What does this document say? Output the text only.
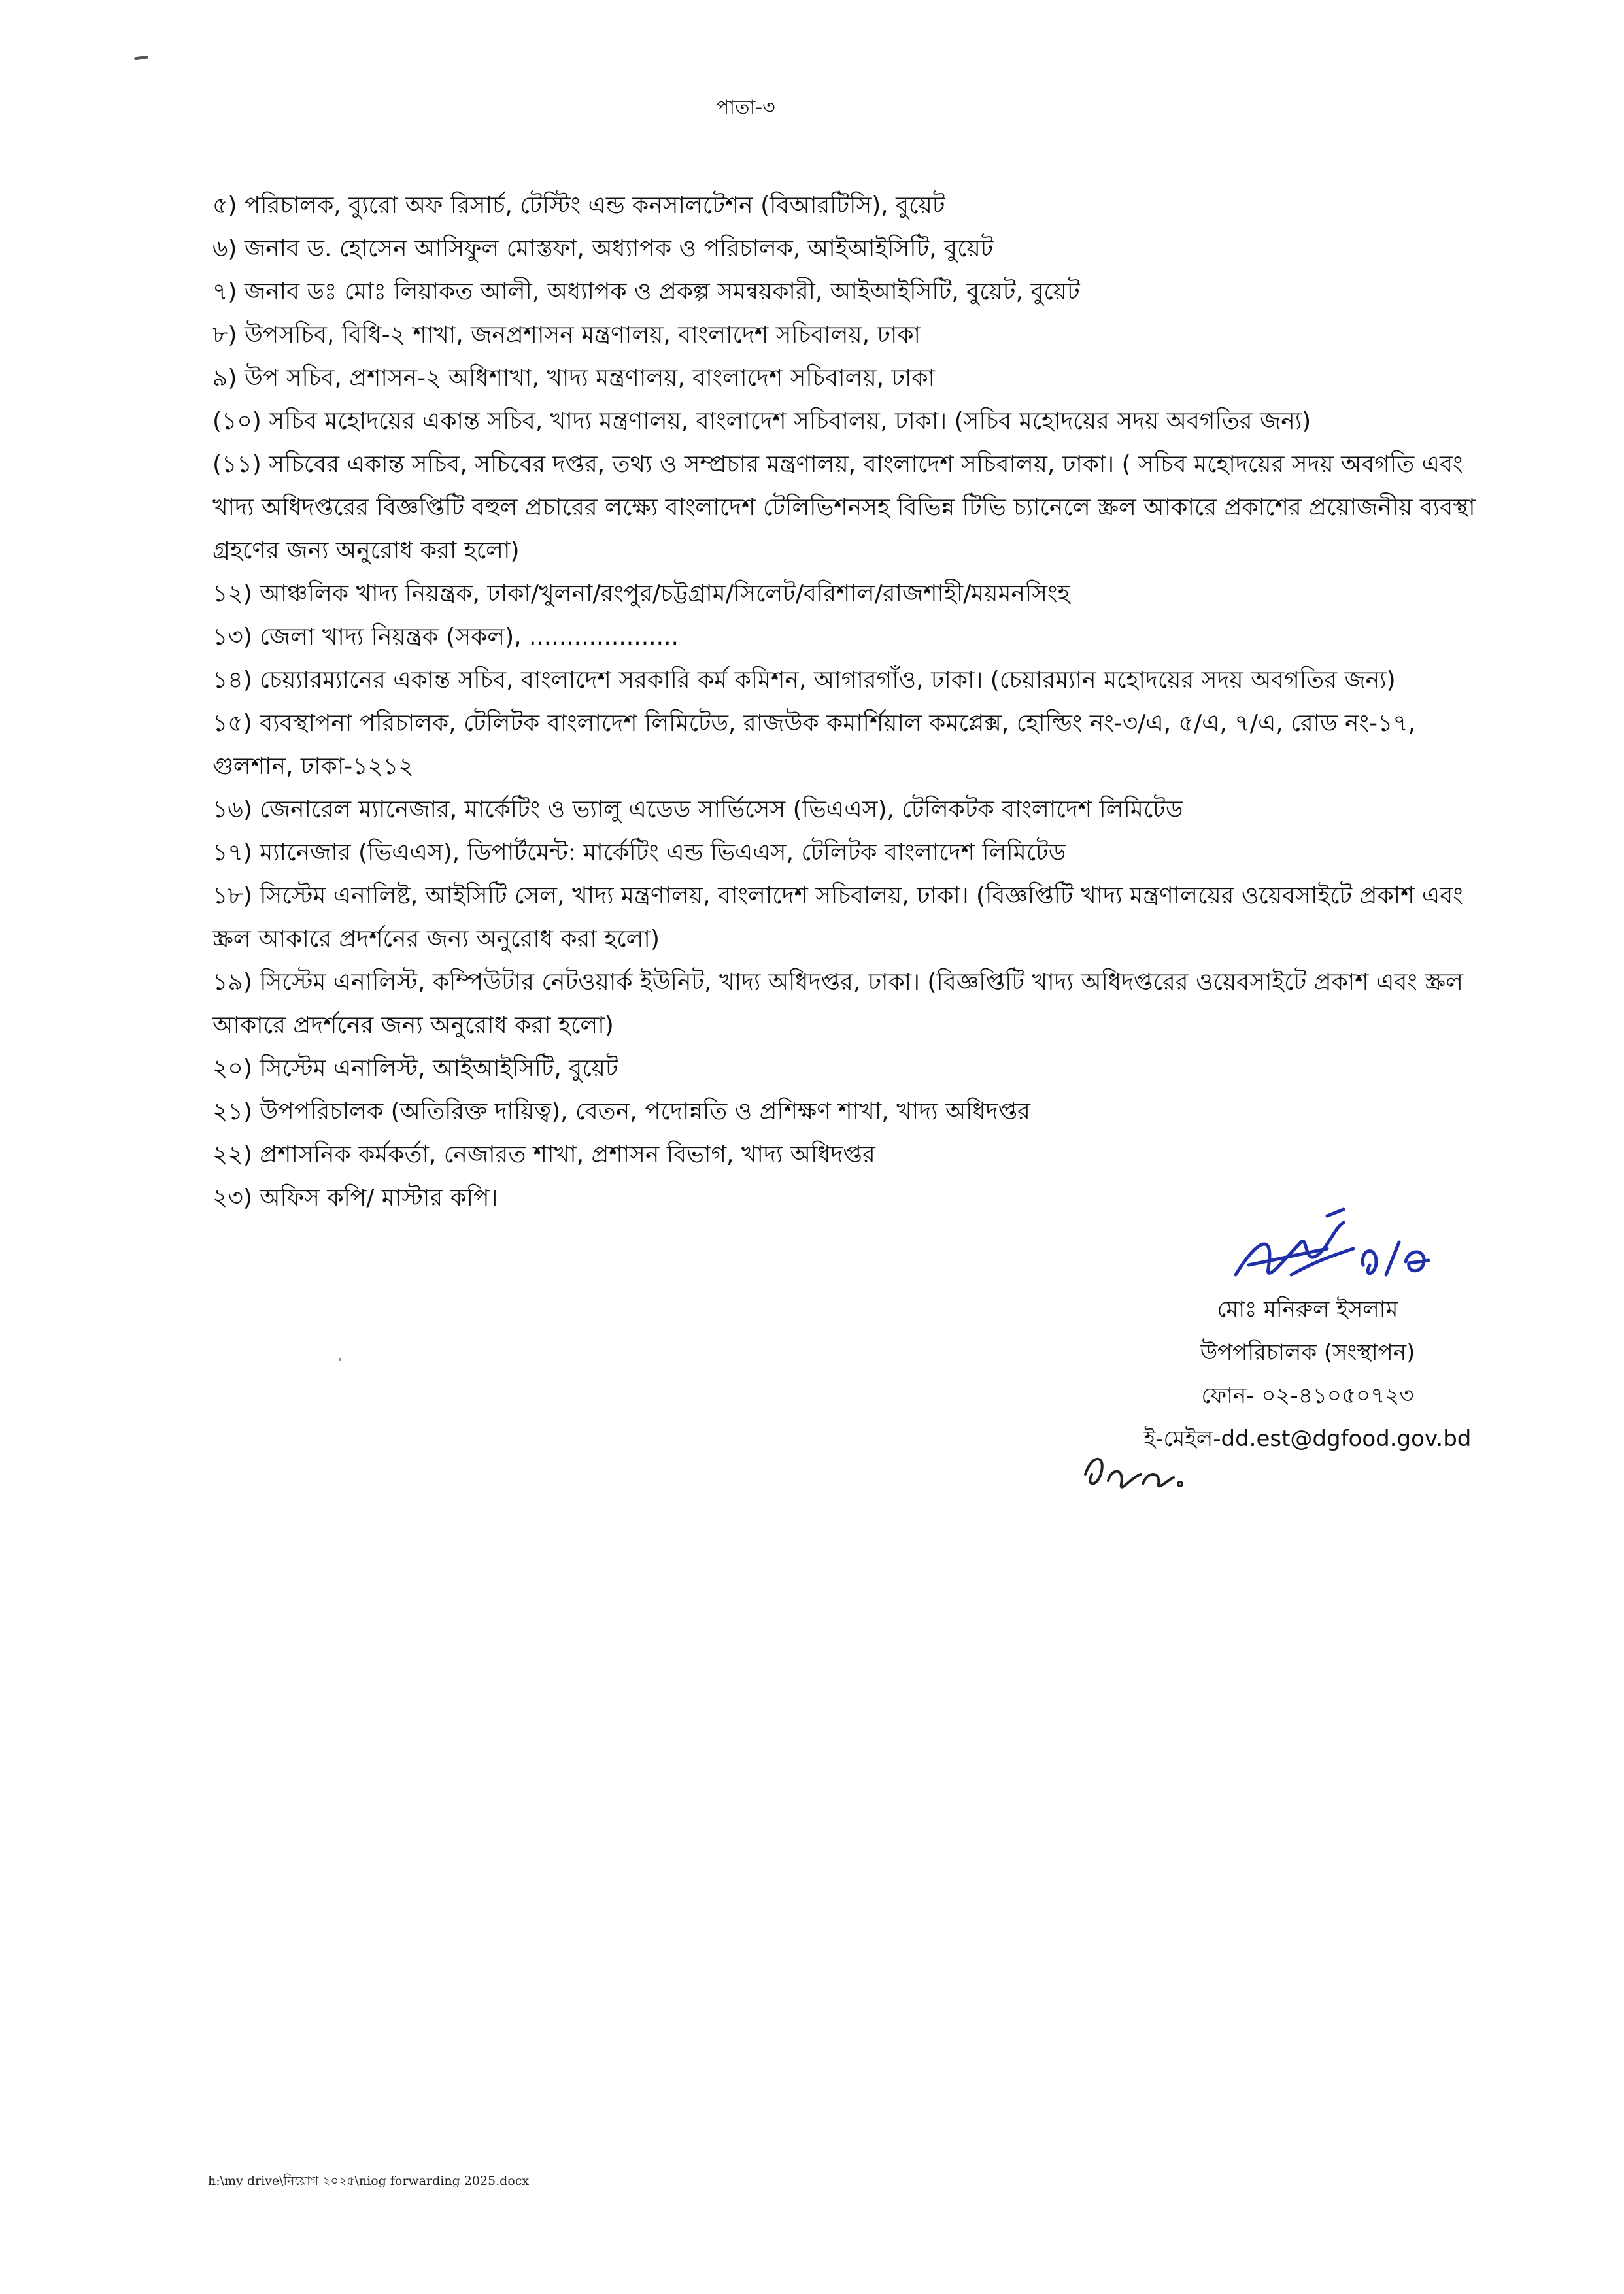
পাতা-৩

৫) পরিচালক, ব্যুরো অফ রিসার্চ, টেস্টিং এন্ড কনসালটেশন (বিআরটিসি), বুয়েট

৬) জনাব ড. হোসেন আসিফুল মোস্তফা, অধ্যাপক ও পরিচালক, আইআইসিটি, বুয়েট

৭) জনাব ডঃ মোঃ লিয়াকত আলী, অধ্যাপক ও প্রকল্প সমন্বয়কারী, আইআইসিটি, বুয়েট, বুয়েট

৮) উপসচিব, বিধি-২ শাখা, জনপ্রশাসন মন্ত্রণালয়, বাংলাদেশ সচিবালয়, ঢাকা

৯) উপ সচিব, প্রশাসন-২ অধিশাখা, খাদ্য মন্ত্রণালয়, বাংলাদেশ সচিবালয়, ঢাকা

(১০) সচিব মহোদয়ের একান্ত সচিব, খাদ্য মন্ত্রণালয়, বাংলাদেশ সচিবালয়, ঢাকা। (সচিব মহোদয়ের সদয় অবগতির জন্য)

(১১) সচিবের একান্ত সচিব, সচিবের দপ্তর, তথ্য ও সম্প্রচার মন্ত্রণালয়, বাংলাদেশ সচিবালয়, ঢাকা। ( সচিব মহোদয়ের সদয় অবগতি এবং খাদ্য অধিদপ্তরের বিজ্ঞপ্তিটি বহুল প্রচারের লক্ষ্যে বাংলাদেশ টেলিভিশনসহ বিভিন্ন টিভি চ্যানেলে স্ক্রল আকারে প্রকাশের প্রয়োজনীয় ব্যবস্থা গ্রহণের জন্য অনুরোধ করা হলো)

১২) আঞ্চলিক খাদ্য নিয়ন্ত্রক, ঢাকা/খুলনা/রংপুর/চট্টগ্রাম/সিলেট/বরিশাল/রাজশাহী/ময়মনসিংহ

১৩) জেলা খাদ্য নিয়ন্ত্রক (সকল), ....................

১৪) চেয়্যারম্যানের একান্ত সচিব, বাংলাদেশ সরকারি কর্ম কমিশন, আগারগাঁও, ঢাকা। (চেয়ারম্যান মহোদয়ের সদয় অবগতির জন্য)

১৫) ব্যবস্থাপনা পরিচালক, টেলিটক বাংলাদেশ লিমিটেড, রাজউক কমার্শিয়াল কমপ্লেক্স, হোল্ডিং নং-৩/এ, ৫/এ, ৭/এ, রোড নং-১৭, গুলশান, ঢাকা-১২১২

১৬) জেনারেল ম্যানেজার, মার্কেটিং ও ভ্যালু এডেড সার্ভিসেস (ভিএএস), টেলিকটক বাংলাদেশ লিমিটেড

১৭) ম্যানেজার (ভিএএস), ডিপার্টমেন্ট: মার্কেটিং এন্ড ভিএএস, টেলিটক বাংলাদেশ লিমিটেড

১৮) সিস্টেম এনালিষ্ট, আইসিটি সেল, খাদ্য মন্ত্রণালয়, বাংলাদেশ সচিবালয়, ঢাকা। (বিজ্ঞপ্তিটি খাদ্য মন্ত্রণালয়ের ওয়েবসাইটে প্রকাশ এবং স্ক্রল আকারে প্রদর্শনের জন্য অনুরোধ করা হলো)

১৯) সিস্টেম এনালিস্ট, কম্পিউটার নেটওয়ার্ক ইউনিট, খাদ্য অধিদপ্তর, ঢাকা। (বিজ্ঞপ্তিটি খাদ্য অধিদপ্তরের ওয়েবসাইটে প্রকাশ এবং স্ক্রল আকারে প্রদর্শনের জন্য অনুরোধ করা হলো)

২০) সিস্টেম এনালিস্ট, আইআইসিটি, বুয়েট

২১) উপপরিচালক (অতিরিক্ত দায়িত্ব), বেতন, পদোন্নতি ও প্রশিক্ষণ শাখা, খাদ্য অধিদপ্তর

২২) প্রশাসনিক কর্মকর্তা, নেজারত শাখা, প্রশাসন বিভাগ, খাদ্য অধিদপ্তর

২৩) অফিস কপি/ মাস্টার কপি।

মোঃ মনিরুল ইসলাম
উপপরিচালক (সংস্থাপন)
ফোন- ০২-৪১০৫০৭২৩
ই-মেইল-dd.est@dgfood.gov.bd
h:\my drive\নিয়োগ ২০২৫\niog forwarding 2025.docx
